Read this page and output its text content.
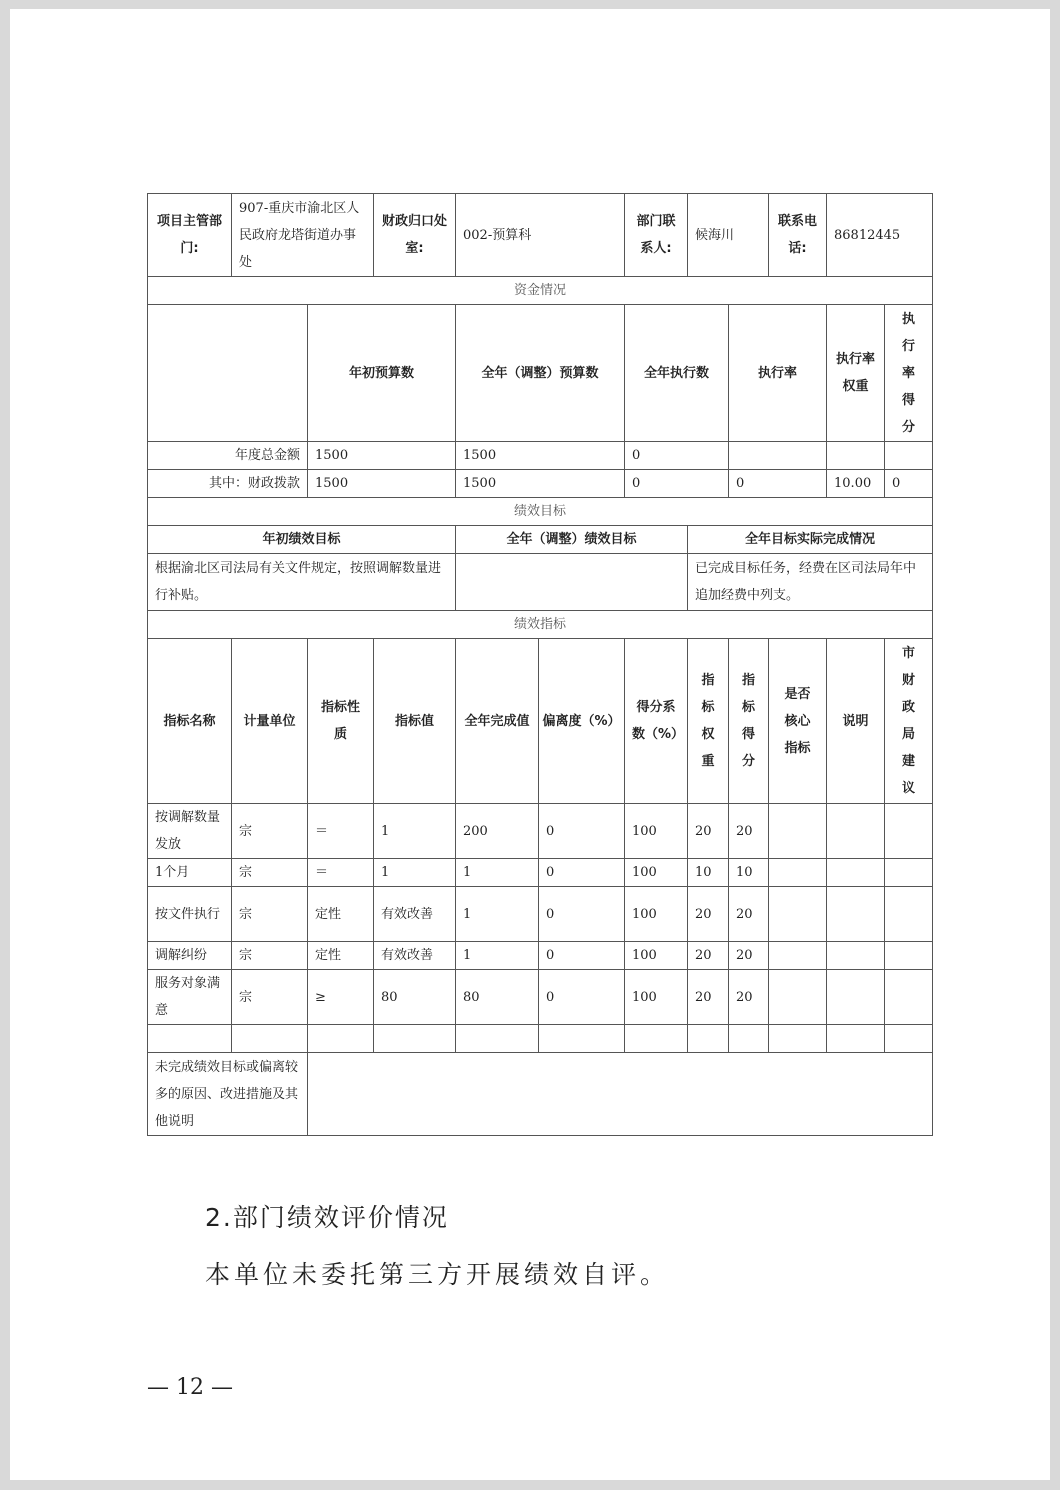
项目主管部门:	907-重庆市渝北区人民政府龙塔街道办事处		财政归口处室:	002-预算科		部门联系人:	候海川		联系电话:	86812445	
资金情况											
		年初预算数		全年（调整）预算数		全年执行数		执行率		执行率权重	执行率得分

年度总金额		1500		1500		0					
其中：财政拨款		1500		1500		0		0		10.00	0
绩效目标											
年初绩效目标				全年（调整）绩效目标			全年目标实际完成情况				
根据渝北区司法局有关文件规定，按照调解数量进行补贴。							已完成目标任务，经费在区司法局年中追加经费中列支。				
绩效指标											
指标名称	计量单位	指标性质	指标值	全年完成值	偏离度（%）	得分系数（%）	指标权重	指标得分	是否核心指标	说明	市财政局建议

按调解数量发放	宗	＝	1	200	0	100	20	20			
1个月	宗	＝	1	1	0	100	10	10			
按文件执行	宗	定性	有效改善	1	0	100	20	20			
调解纠纷	宗	定性	有效改善	1	0	100	20	20			
服务对象满意	宗	≥	80	80	0	100	20	20			

未完成绩效目标或偏离较多的原因、改进措施及其他说明											
2.部门绩效评价情况
本单位未委托第三方开展绩效自评。
— 12 —
